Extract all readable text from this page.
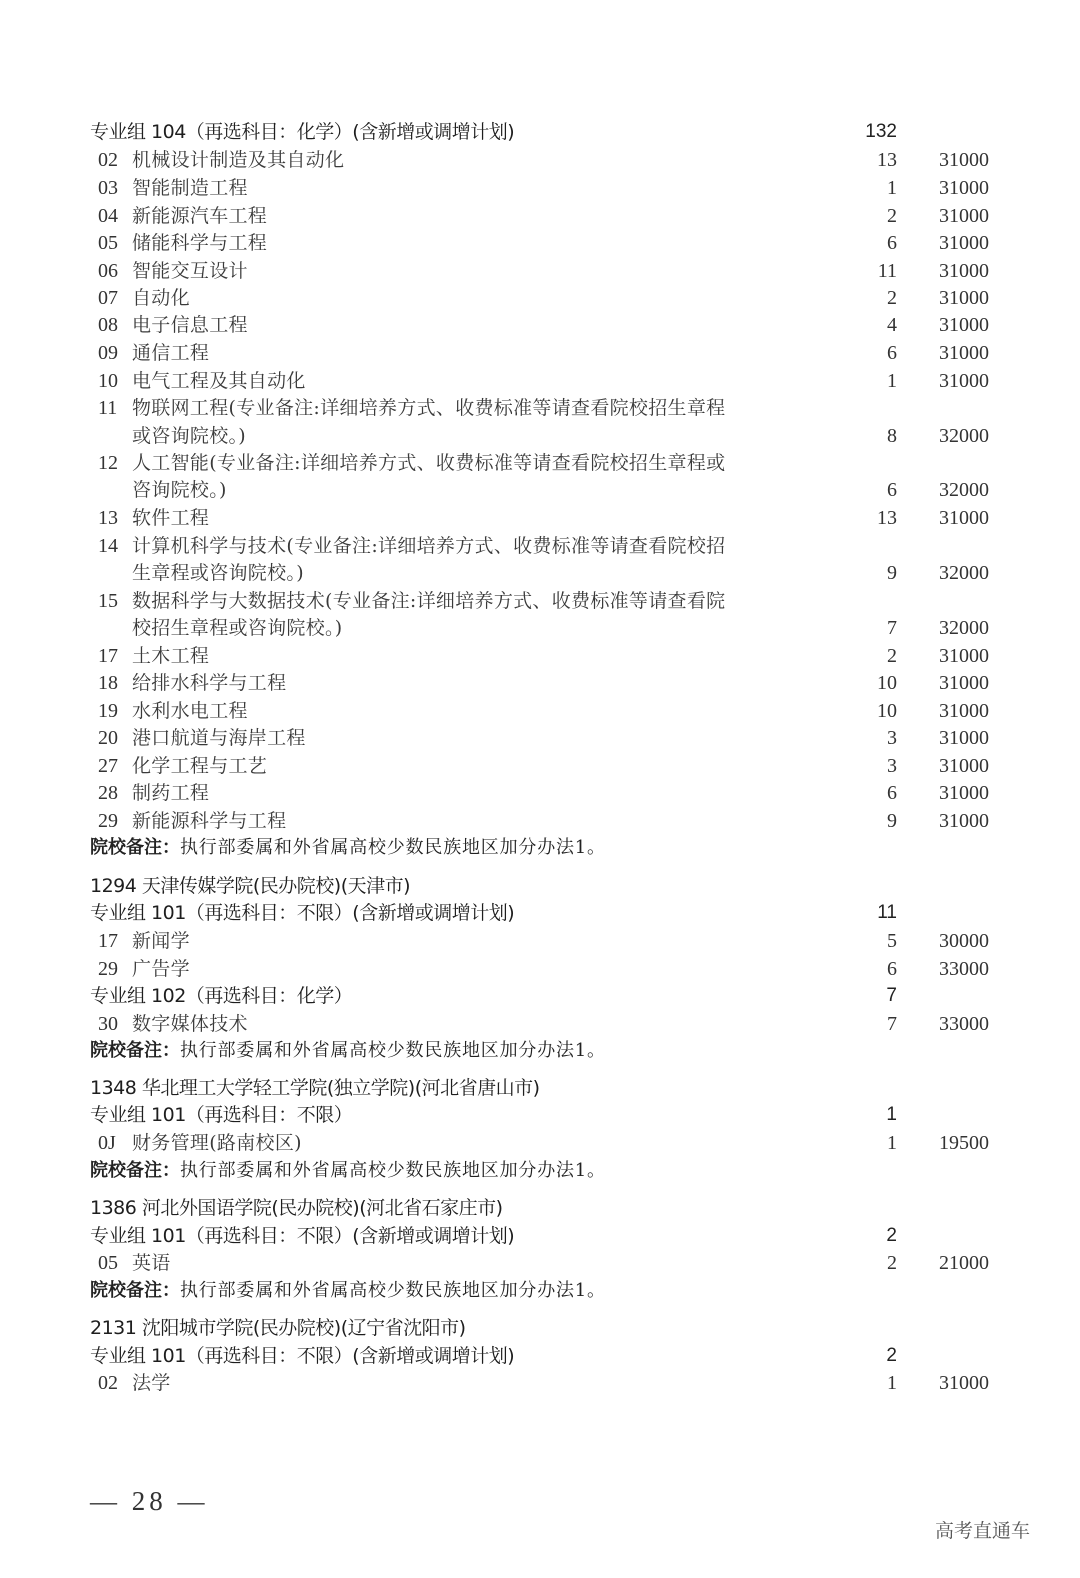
专业组 104（再选科目：化学）(含新增或调增计划)	132
02 机械设计制造及其自动化	13 31000
03 智能制造工程	1 31000
04 新能源汽车工程	2 31000
05 储能科学与工程	6 31000
06 智能交互设计	11 31000
07 自动化	2 31000
08 电子信息工程	4 31000
09 通信工程	6 31000
10 电气工程及其自动化	1 31000
11 物联网工程(专业备注:详细培养方式、收费标准等请查看院校招生章程
或咨询院校。)	8 32000
12 人工智能(专业备注:详细培养方式、收费标准等请查看院校招生章程或
咨询院校。)	6 32000
13 软件工程	13 31000
14 计算机科学与技术(专业备注:详细培养方式、收费标准等请查看院校招
生章程或咨询院校。)	9 32000
15 数据科学与大数据技术(专业备注:详细培养方式、收费标准等请查看院
校招生章程或咨询院校。)	7 32000
17 土木工程	2 31000
18 给排水科学与工程	10 31000
19 水利水电工程	10 31000
20 港口航道与海岸工程	3 31000
27 化学工程与工艺	3 31000
28 制药工程	6 31000
29 新能源科学与工程	9 31000
院校备注：执行部委属和外省属高校少数民族地区加分办法1。
1294 天津传媒学院(民办院校)(天津市)
专业组 101（再选科目：不限）(含新增或调增计划)	11
17 新闻学	5 30000
29 广告学	6 33000
专业组 102（再选科目：化学）	7
30 数字媒体技术	7 33000
院校备注：执行部委属和外省属高校少数民族地区加分办法1。
1348 华北理工大学轻工学院(独立学院)(河北省唐山市)
专业组 101（再选科目：不限）	1
0J 财务管理(路南校区)	1 19500
院校备注：执行部委属和外省属高校少数民族地区加分办法1。
1386 河北外国语学院(民办院校)(河北省石家庄市)
专业组 101（再选科目：不限）(含新增或调增计划)	2
05 英语	2 21000
院校备注：执行部委属和外省属高校少数民族地区加分办法1。
2131 沈阳城市学院(民办院校)(辽宁省沈阳市)
专业组 101（再选科目：不限）(含新增或调增计划)	2
02 法学	1 31000
— 28 —
高考直通车
